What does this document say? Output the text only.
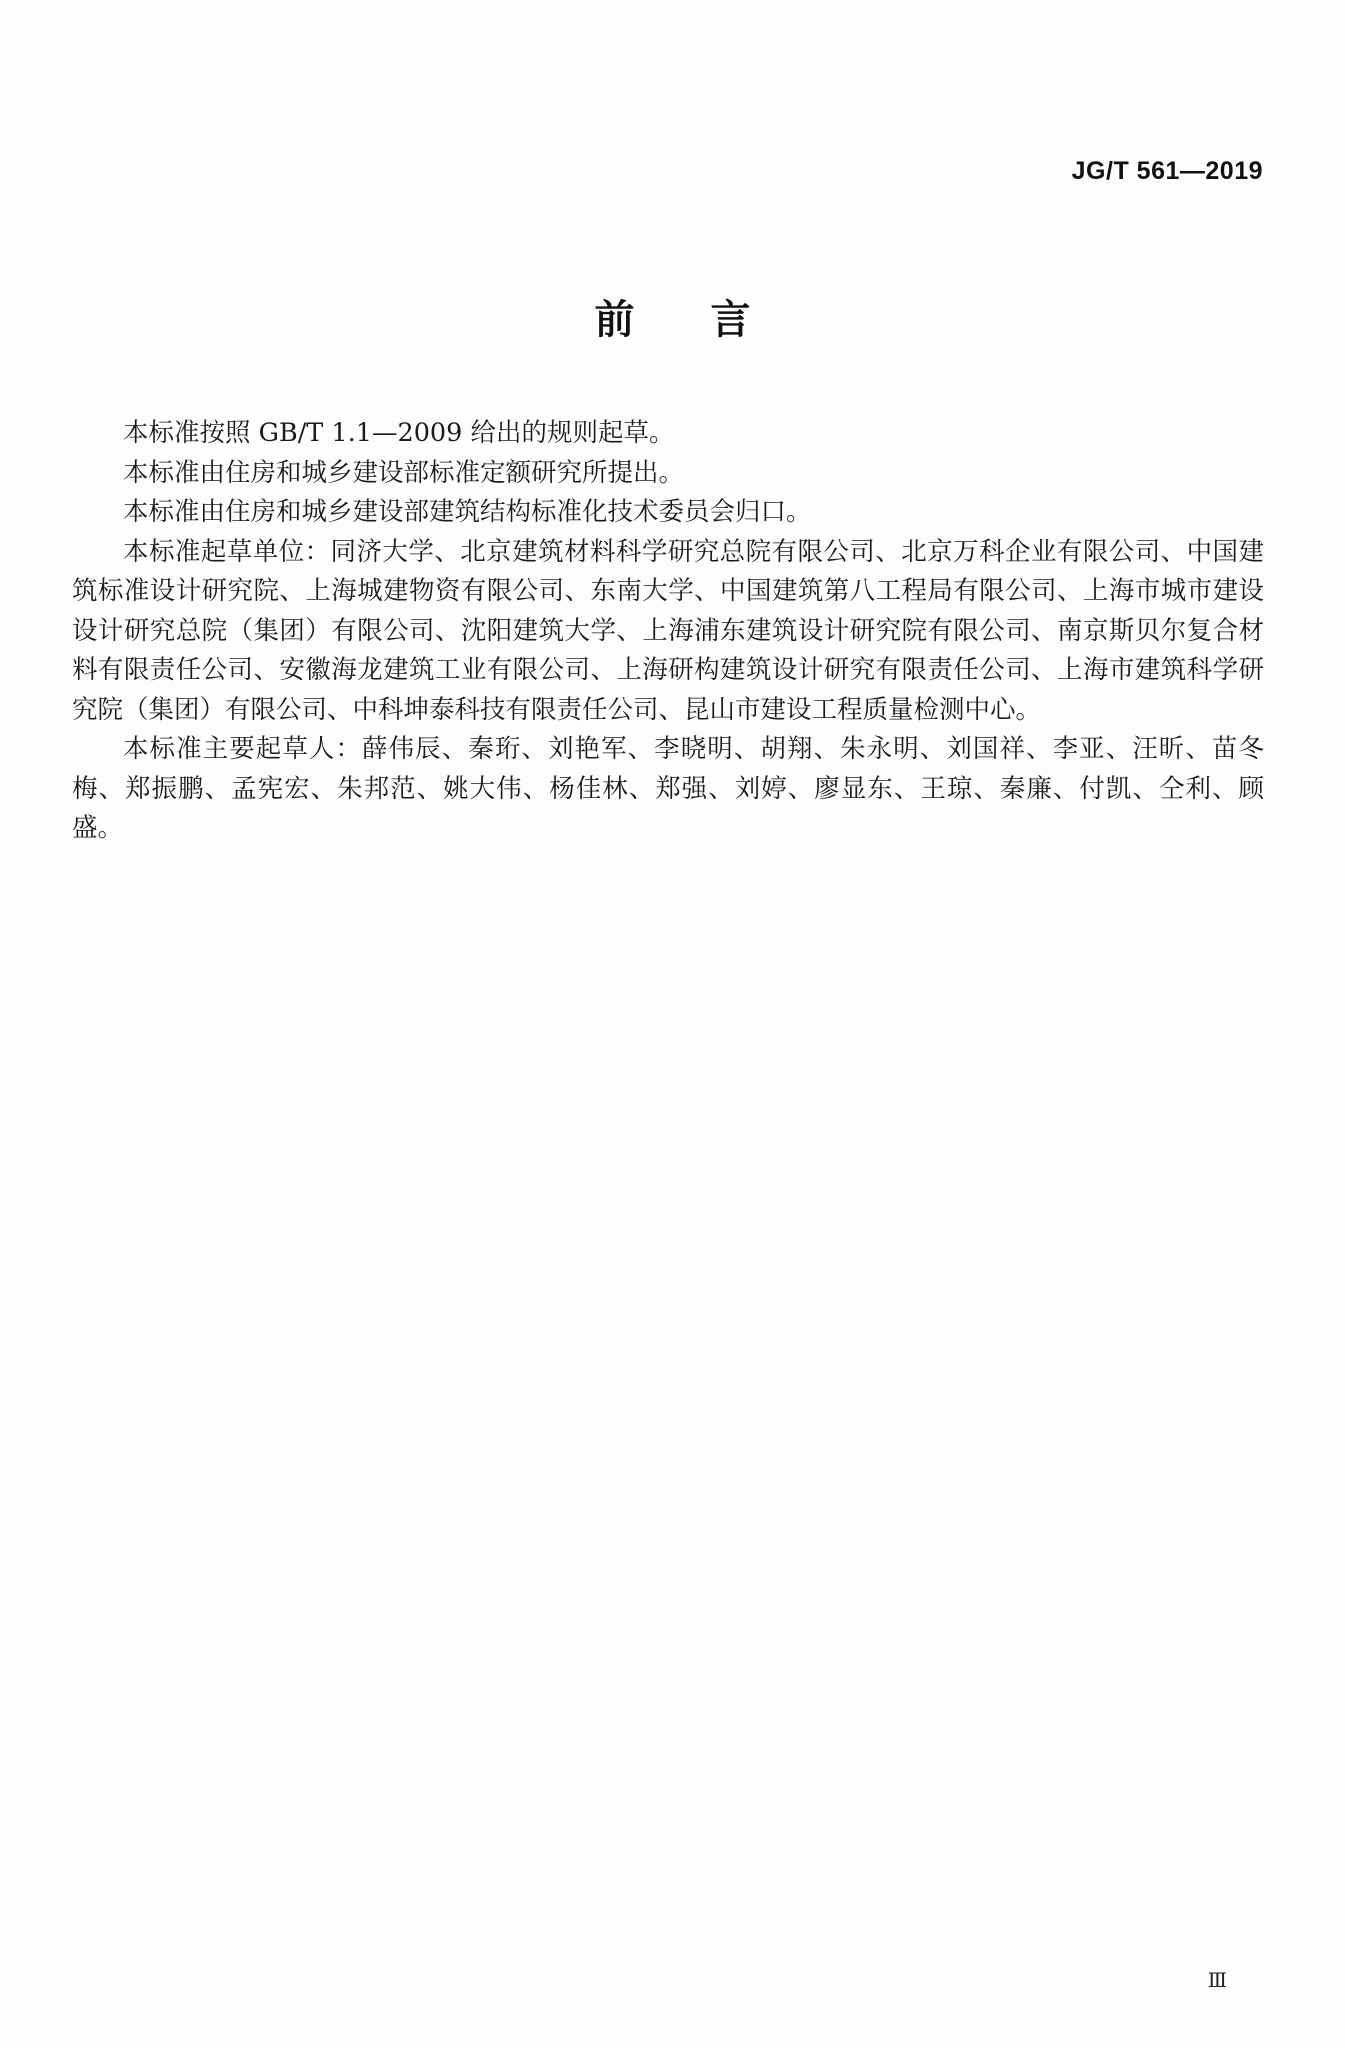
JG/T 561—2019
前言

本标准按照 GB/T 1.1—2009 给出的规则起草。

本标准由住房和城乡建设部标准定额研究所提出。

本标准由住房和城乡建设部建筑结构标准化技术委员会归口。

本标准起草单位：同济大学、北京建筑材料科学研究总院有限公司、北京万科企业有限公司、中国建筑标准设计研究院、上海城建物资有限公司、东南大学、中国建筑第八工程局有限公司、上海市城市建设设计研究总院（集团）有限公司、沈阳建筑大学、上海浦东建筑设计研究院有限公司、南京斯贝尔复合材料有限责任公司、安徽海龙建筑工业有限公司、上海研构建筑设计研究有限责任公司、上海市建筑科学研究院（集团）有限公司、中科坤泰科技有限责任公司、昆山市建设工程质量检测中心。

本标准主要起草人：薛伟辰、秦珩、刘艳军、李晓明、胡翔、朱永明、刘国祥、李亚、汪昕、苗冬梅、郑振鹏、孟宪宏、朱邦范、姚大伟、杨佳林、郑强、刘婷、廖显东、王琼、秦廉、付凯、仝利、顾盛。

Ⅲ
